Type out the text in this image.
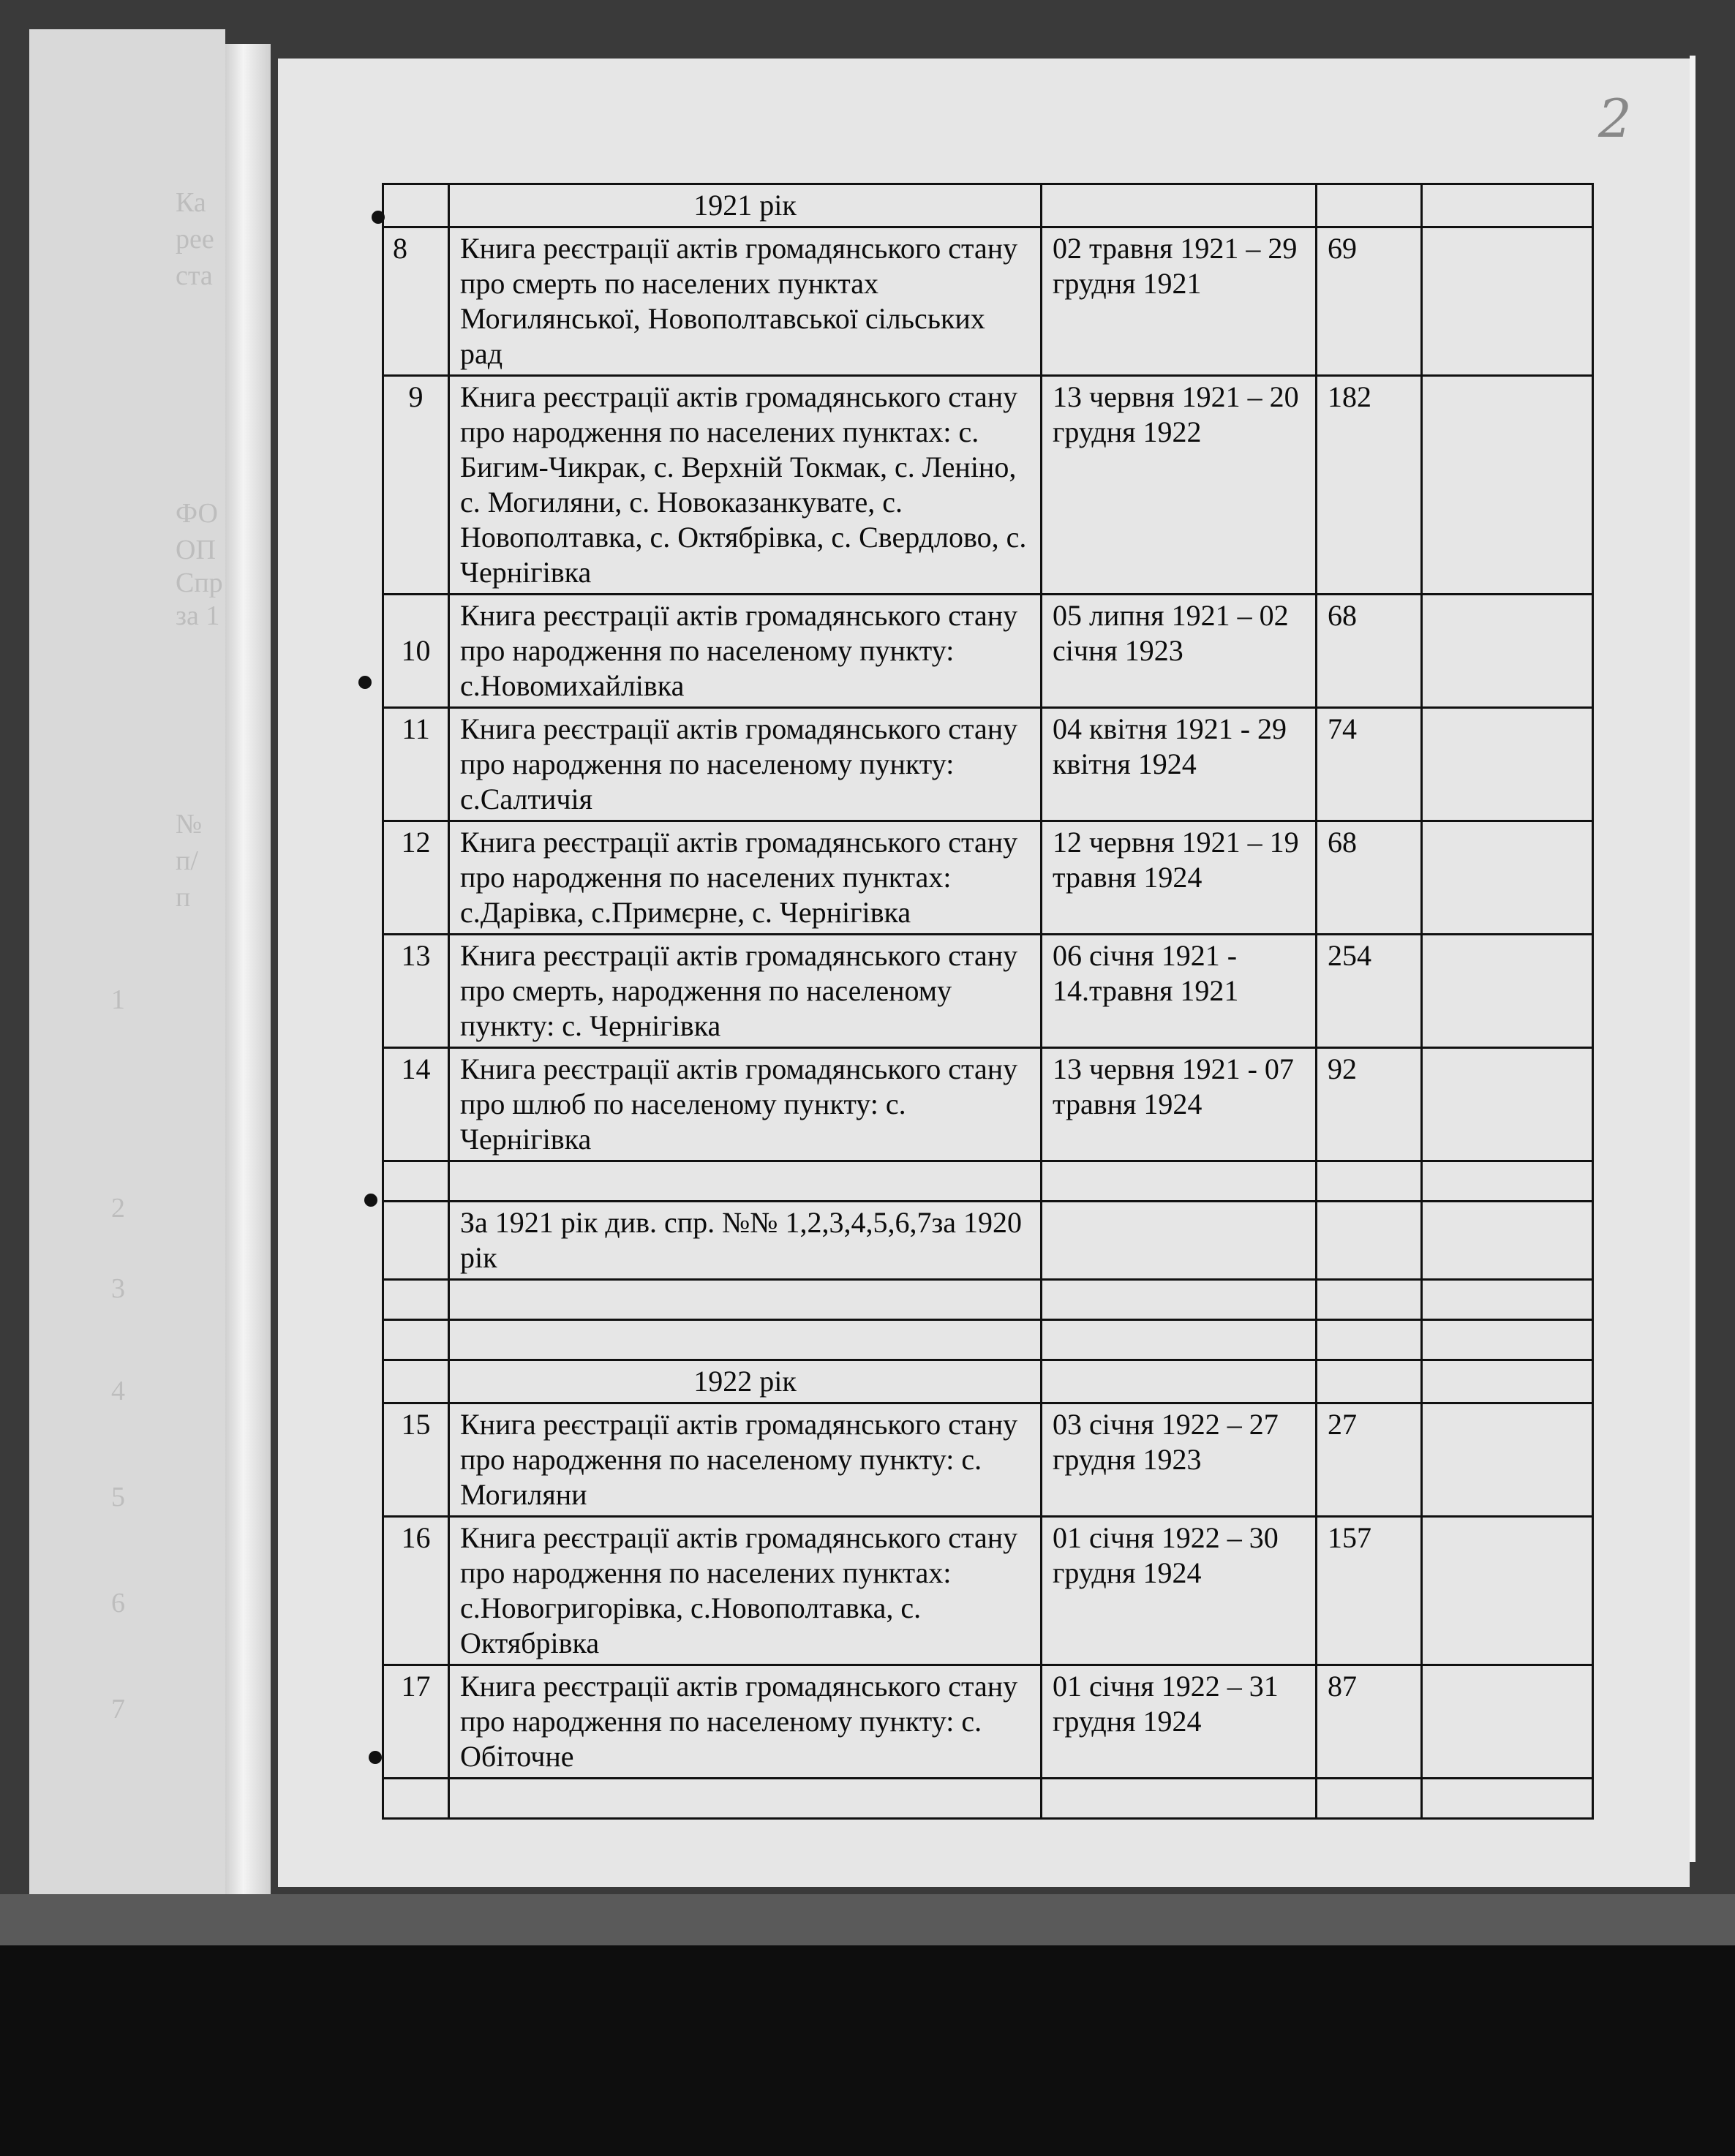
Ка
рее
ста
ФО
ОП
Спр
за 1
№
п/
п
1
2
3
4
5
6
7
2
	1921 рік			
8	Книга реєстрації актів громадянського стану про смерть по населених пунктах Могилянської, Новополтавської сільських рад	02 травня 1921 – 29 грудня 1921	69	
9	Книга реєстрації актів громадянського стану про народження по населених пунктах: с. Бигим-Чикрак, с. Верхній Токмак, с. Леніно, с. Могиляни, с. Новоказанкувате, с. Новополтавка, с. Октябрівка, с. Свердлово, с. Чернігівка	13 червня 1921 – 20 грудня 1922	182	
10	Книга реєстрації актів громадянського стану про народження по населеному пункту: с.Новомихайлівка	05 липня 1921 – 02 січня 1923	68	
11	Книга реєстрації актів громадянського стану про народження по населеному пункту: с.Салтичія	04 квітня 1921 - 29 квітня 1924	74	
12	Книга реєстрації актів громадянського стану про народження по населених пунктах: с.Дарівка, с.Примєрне, с. Чернігівка	12 червня 1921 – 19 травня 1924	68	
13	Книга реєстрації актів громадянського стану про смерть, народження по населеному пункту: с. Чернігівка	06 січня 1921 - 14.травня 1921	254	
14	Книга реєстрації актів громадянського стану про шлюб по населеному пункту: с. Чернігівка	13 червня 1921 - 07 травня 1924	92	

	За 1921 рік див. спр. №№ 1,2,3,4,5,6,7за 1920 рік			

	1922 рік			
15	Книга реєстрації актів громадянського стану про народження по населеному пункту: с. Могиляни	03 січня 1922 – 27 грудня 1923	27	
16	Книга реєстрації актів громадянського стану про народження по населених пунктах: с.Новогригорівка, с.Новополтавка, с. Октябрівка	01 січня 1922 – 30 грудня 1924	157	
17	Книга реєстрації актів громадянського стану про народження по населеному пункту: с. Обіточне	01 січня 1922 – 31 грудня 1924	87	
